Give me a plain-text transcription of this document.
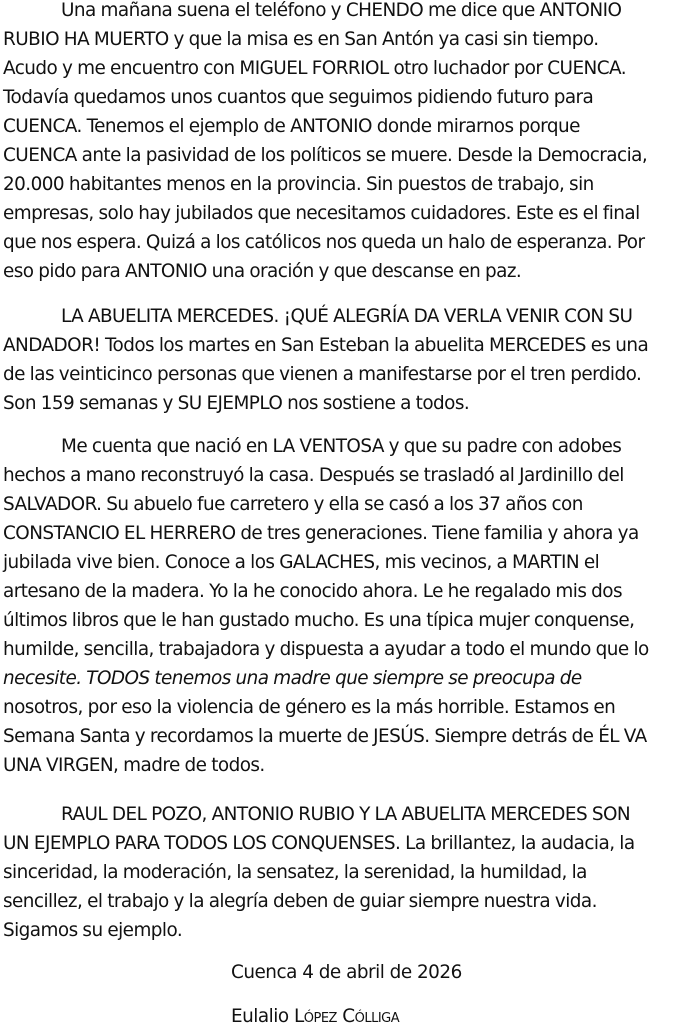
Una mañana suena el teléfono y CHENDO me dice que ANTONIO
RUBIO HA MUERTO y que la misa es en San Antón ya casi sin tiempo.
Acudo y me encuentro con MIGUEL FORRIOL otro luchador por CUENCA.
Todavía quedamos unos cuantos que seguimos pidiendo futuro para
CUENCA. Tenemos el ejemplo de ANTONIO donde mirarnos porque
CUENCA ante la pasividad de los políticos se muere. Desde la Democracia,
20.000 habitantes menos en la provincia. Sin puestos de trabajo, sin
empresas, solo hay jubilados que necesitamos cuidadores. Este es el final
que nos espera. Quizá a los católicos nos queda un halo de esperanza. Por
eso pido para ANTONIO una oración y que descanse en paz.
LA ABUELITA MERCEDES. ¡QUÉ ALEGRÍA DA VERLA VENIR CON SU
ANDADOR! Todos los martes en San Esteban la abuelita MERCEDES es una
de las veinticinco personas que vienen a manifestarse por el tren perdido.
Son 159 semanas y SU EJEMPLO nos sostiene a todos.
Me cuenta que nació en LA VENTOSA y que su padre con adobes
hechos a mano reconstruyó la casa. Después se trasladó al Jardinillo del
SALVADOR. Su abuelo fue carretero y ella se casó a los 37 años con
CONSTANCIO EL HERRERO de tres generaciones. Tiene familia y ahora ya
jubilada vive bien. Conoce a los GALACHES, mis vecinos, a MARTIN el
artesano de la madera. Yo la he conocido ahora. Le he regalado mis dos
últimos libros que le han gustado mucho. Es una típica mujer conquense,
humilde, sencilla, trabajadora y dispuesta a ayudar a todo el mundo que lo
necesite. TODOS tenemos una madre que siempre se preocupa de
nosotros, por eso la violencia de género es la más horrible. Estamos en
Semana Santa y recordamos la muerte de JESÚS. Siempre detrás de ÉL VA
UNA VIRGEN, madre de todos.
RAUL DEL POZO, ANTONIO RUBIO Y LA ABUELITA MERCEDES SON
UN EJEMPLO PARA TODOS LOS CONQUENSES. La brillantez, la audacia, la
sinceridad, la moderación, la sensatez, la serenidad, la humildad, la
sencillez, el trabajo y la alegría deben de guiar siempre nuestra vida.
Sigamos su ejemplo.
Cuenca 4 de abril de 2026
Eulalio López Cólliga
